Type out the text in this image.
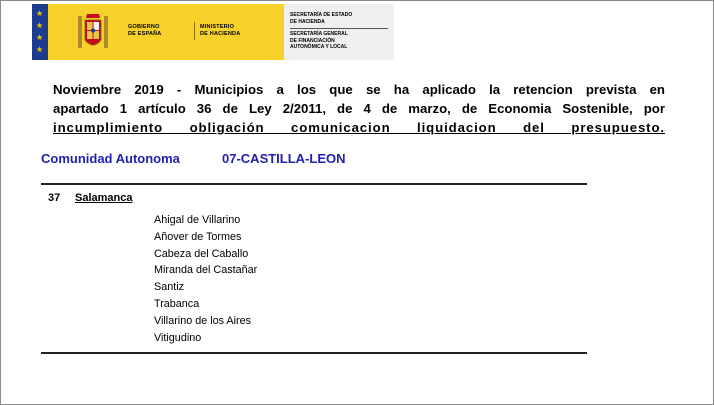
★
★
★
★
GOBIERNO
DE ESPAÑA
MINISTERIO
DE HACIENDA
SECRETARÍA DE ESTADO
DE HACIENDA
SECRETARÍA GENERAL
DE FINANCIACIÓN
AUTONÓMICA Y LOCAL
Noviembre 2019 - Municipios a los que se ha aplicado la retencion prevista en
apartado 1 artículo 36 de Ley 2/2011, de 4 de marzo, de Economia Sostenible, por
incumplimiento obligación comunicacion liquidacion del presupuesto.
Comunidad Autonoma	07-CASTILLA-LEON
37 Salamanca
Ahigal de Villarino
Añover de Tormes
Cabeza del Caballo
Miranda del Castañar
Santiz
Trabanca
Villarino de los Aires
Vitigudino
